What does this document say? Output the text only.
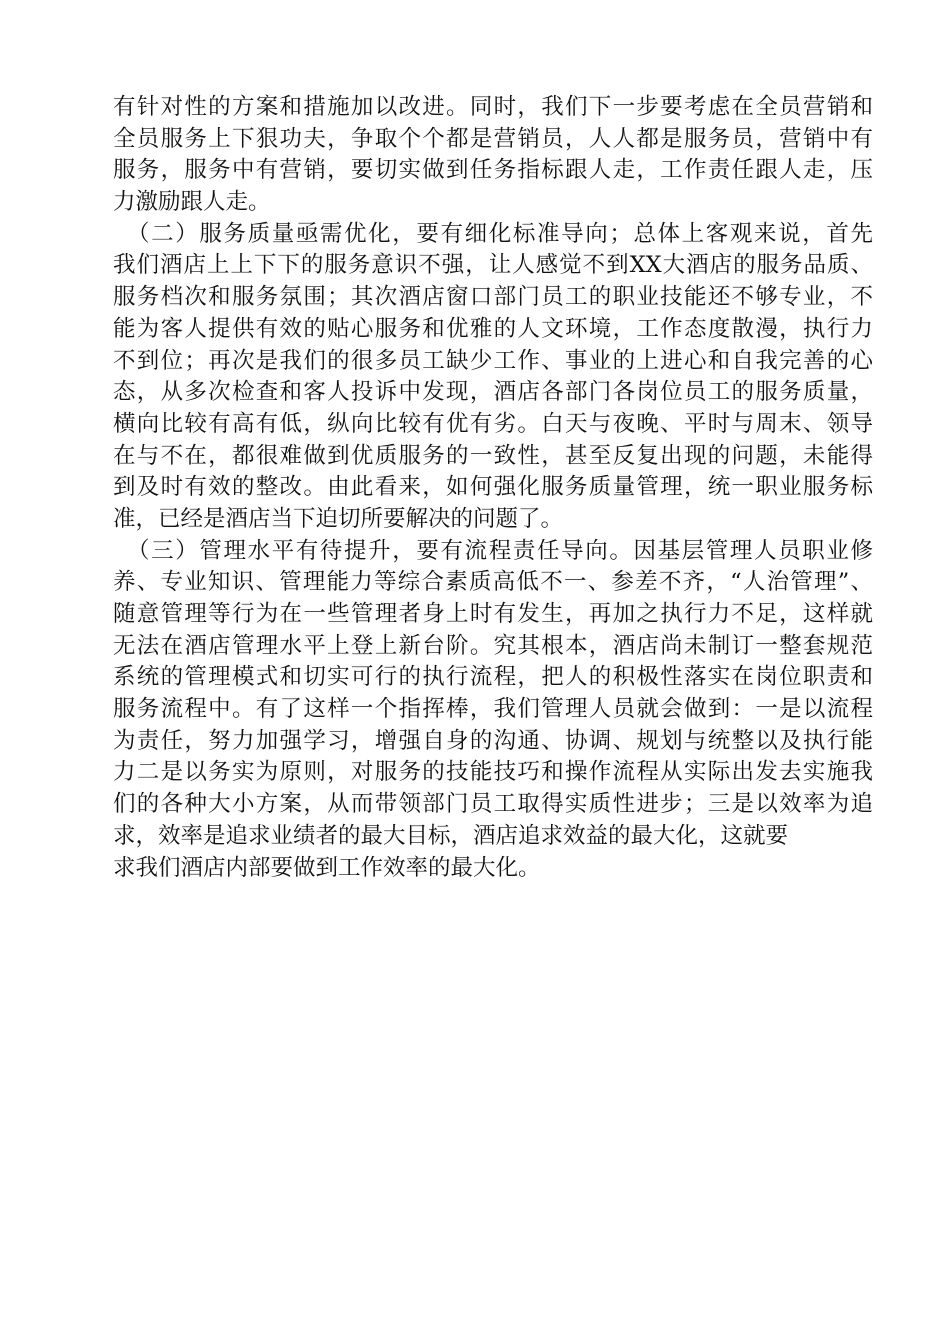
有针对性的方案和措施加以改进。同时，我们下一步要考虑在全员营销和
全员服务上下狠功夫，争取个个都是营销员，人人都是服务员，营销中有
服务，服务中有营销，要切实做到任务指标跟人走，工作责任跟人走，压
力激励跟人走。
（二）服务质量亟需优化，要有细化标准导向；总体上客观来说，首先
我们酒店上上下下的服务意识不强，让人感觉不到XX大酒店的服务品质、
服务档次和服务氛围；其次酒店窗口部门员工的职业技能还不够专业，不
能为客人提供有效的贴心服务和优雅的人文环境，工作态度散漫，执行力
不到位；再次是我们的很多员工缺少工作、事业的上进心和自我完善的心
态，从多次检查和客人投诉中发现，酒店各部门各岗位员工的服务质量，
横向比较有高有低，纵向比较有优有劣。白天与夜晚、平时与周末、领导
在与不在，都很难做到优质服务的一致性，甚至反复出现的问题，未能得
到及时有效的整改。由此看来，如何强化服务质量管理，统一职业服务标
准，已经是酒店当下迫切所要解决的问题了。
（三）管理水平有待提升，要有流程责任导向。因基层管理人员职业修
养、专业知识、管理能力等综合素质高低不一、参差不齐，“人治管理”、
随意管理等行为在一些管理者身上时有发生，再加之执行力不足，这样就
无法在酒店管理水平上登上新台阶。究其根本，酒店尚未制订一整套规范
系统的管理模式和切实可行的执行流程，把人的积极性落实在岗位职责和
服务流程中。有了这样一个指挥棒，我们管理人员就会做到：一是以流程
为责任，努力加强学习，增强自身的沟通、协调、规划与统整以及执行能
力二是以务实为原则，对服务的技能技巧和操作流程从实际出发去实施我
们的各种大小方案，从而带领部门员工取得实质性进步；三是以效率为追
求，效率是追求业绩者的最大目标，酒店追求效益的最大化，这就要
求我们酒店内部要做到工作效率的最大化。
